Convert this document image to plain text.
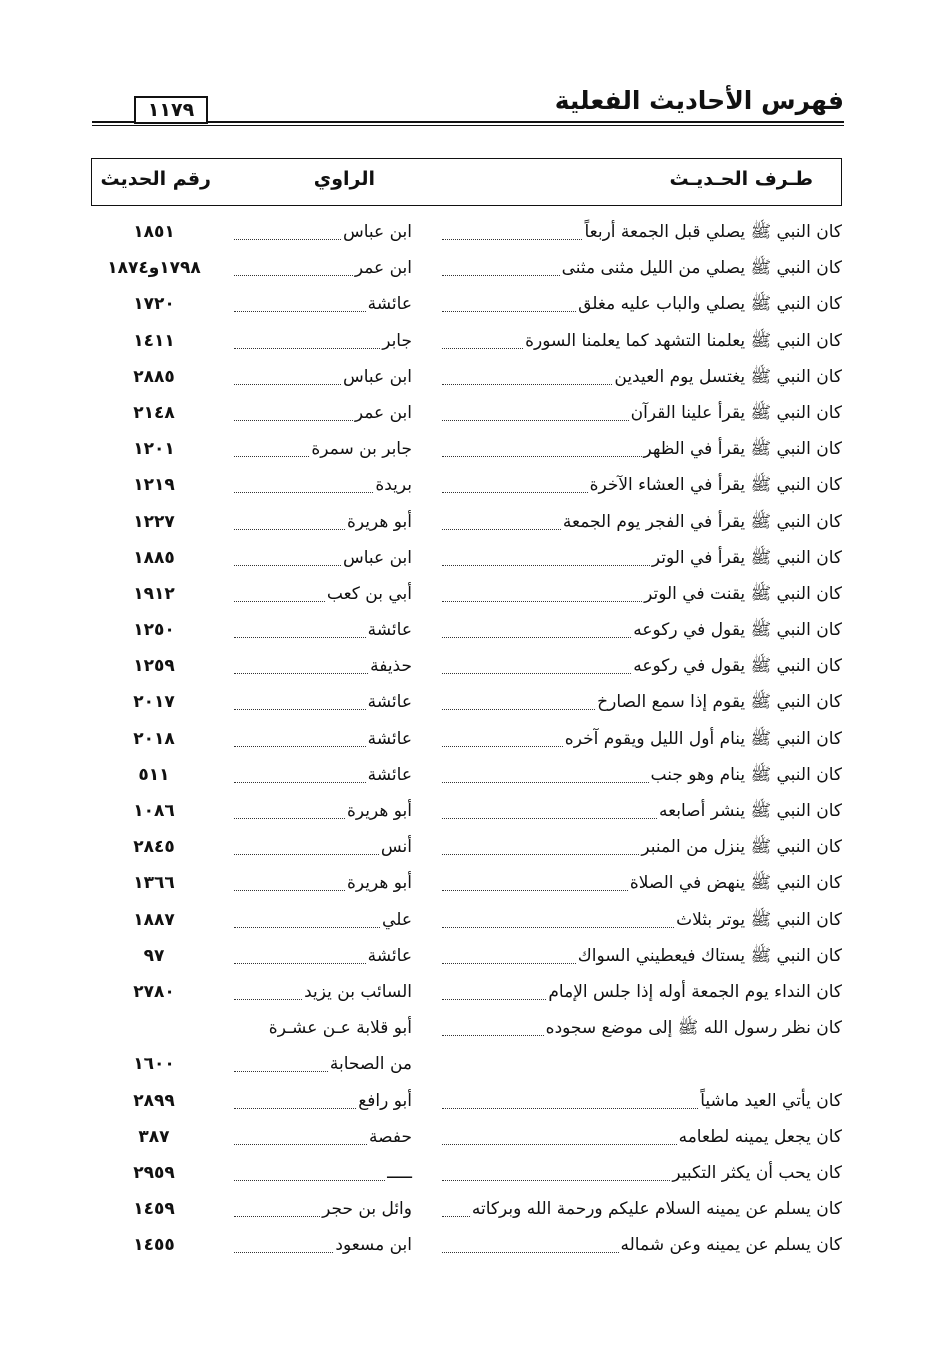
فهرس الأحاديث الفعلية
١١٧٩
طـرف الحـديـث
الراوي
رقم الحديث
كان النبي ﷺ يصلي قبل الجمعة أربعاً
ابن عباس
١٨٥١
كان النبي ﷺ يصلي من الليل مثنى مثنى
ابن عمر
١٧٩٨و١٨٧٤
كان النبي ﷺ يصلي والباب عليه مغلق
عائشة
١٧٢٠
كان النبي ﷺ يعلمنا التشهد كما يعلمنا السورة
جابر
١٤١١
كان النبي ﷺ يغتسل يوم العيدين
ابن عباس
٢٨٨٥
كان النبي ﷺ يقرأ علينا القرآن
ابن عمر
٢١٤٨
كان النبي ﷺ يقرأ في الظهر
جابر بن سمرة
١٢٠١
كان النبي ﷺ يقرأ في العشاء الآخرة
بريدة
١٢١٩
كان النبي ﷺ يقرأ في الفجر يوم الجمعة
أبو هريرة
١٢٢٧
كان النبي ﷺ يقرأ في الوتر
ابن عباس
١٨٨٥
كان النبي ﷺ يقنت في الوتر
أبي بن كعب
١٩١٢
كان النبي ﷺ يقول في ركوعه
عائشة
١٢٥٠
كان النبي ﷺ يقول في ركوعه
حذيفة
١٢٥٩
كان النبي ﷺ يقوم إذا سمع الصارخ
عائشة
٢٠١٧
كان النبي ﷺ ينام أول الليل ويقوم آخره
عائشة
٢٠١٨
كان النبي ﷺ ينام وهو جنب
عائشة
٥١١
كان النبي ﷺ ينشر أصابعه
أبو هريرة
١٠٨٦
كان النبي ﷺ ينزل من المنبر
أنس
٢٨٤٥
كان النبي ﷺ ينهض في الصلاة
أبو هريرة
١٣٦٦
كان النبي ﷺ يوتر بثلاث
علي
١٨٨٧
كان النبي ﷺ يستاك فيعطيني السواك
عائشة
٩٧
كان النداء يوم الجمعة أوله إذا جلس الإمام
السائب بن يزيد
٢٧٨٠
كان نظر رسول الله ﷺ إلى موضع سجوده
أبو قلابة عـن عشـرة
من الصحابة
١٦٠٠
كان يأتي العيد ماشياً
أبو رافع
٢٨٩٩
كان يجعل يمينه لطعامه
حفصة
٣٨٧
كان يحب أن يكثر التكبير
ـــــ
٢٩٥٩
كان يسلم عن يمينه السلام عليكم ورحمة الله وبركاته
وائل بن حجر
١٤٥٩
كان يسلم عن يمينه وعن شماله
ابن مسعود
١٤٥٥
